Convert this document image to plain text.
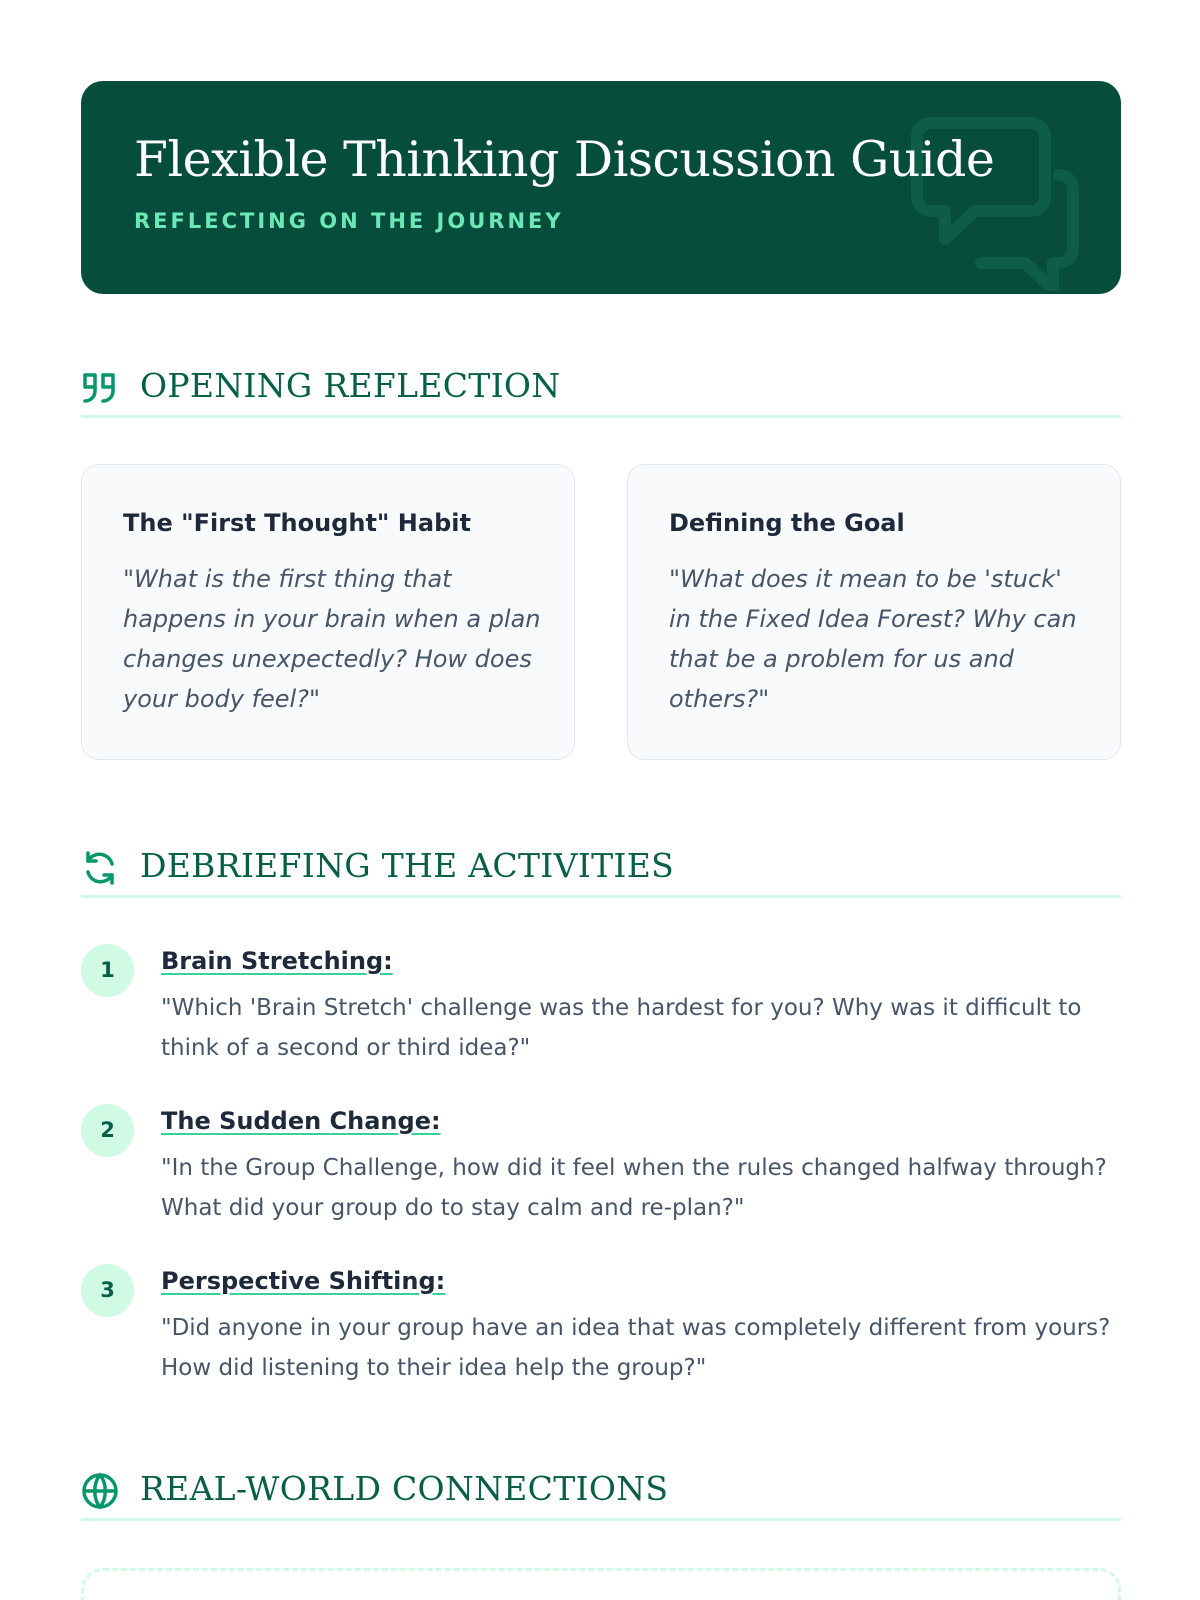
Flexible Thinking Discussion Guide
REFLECTING ON THE JOURNEY
OPENING REFLECTION
The "First Thought" Habit
"What is the first thing that happens in your brain when a plan changes unexpectedly? How does your body feel?"
Defining the Goal
"What does it mean to be 'stuck' in the Fixed Idea Forest? Why can that be a problem for us and others?"
DEBRIEFING THE ACTIVITIES
1	Brain Stretching:
"Which 'Brain Stretch' challenge was the hardest for you? Why was it difficult to think of a second or third idea?"
2	The Sudden Change:
"In the Group Challenge, how did it feel when the rules changed halfway through? What did your group do to stay calm and re-plan?"
3	Perspective Shifting:
"Did anyone in your group have an idea that was completely different from yours? How did listening to their idea help the group?"
REAL-WORLD CONNECTIONS
